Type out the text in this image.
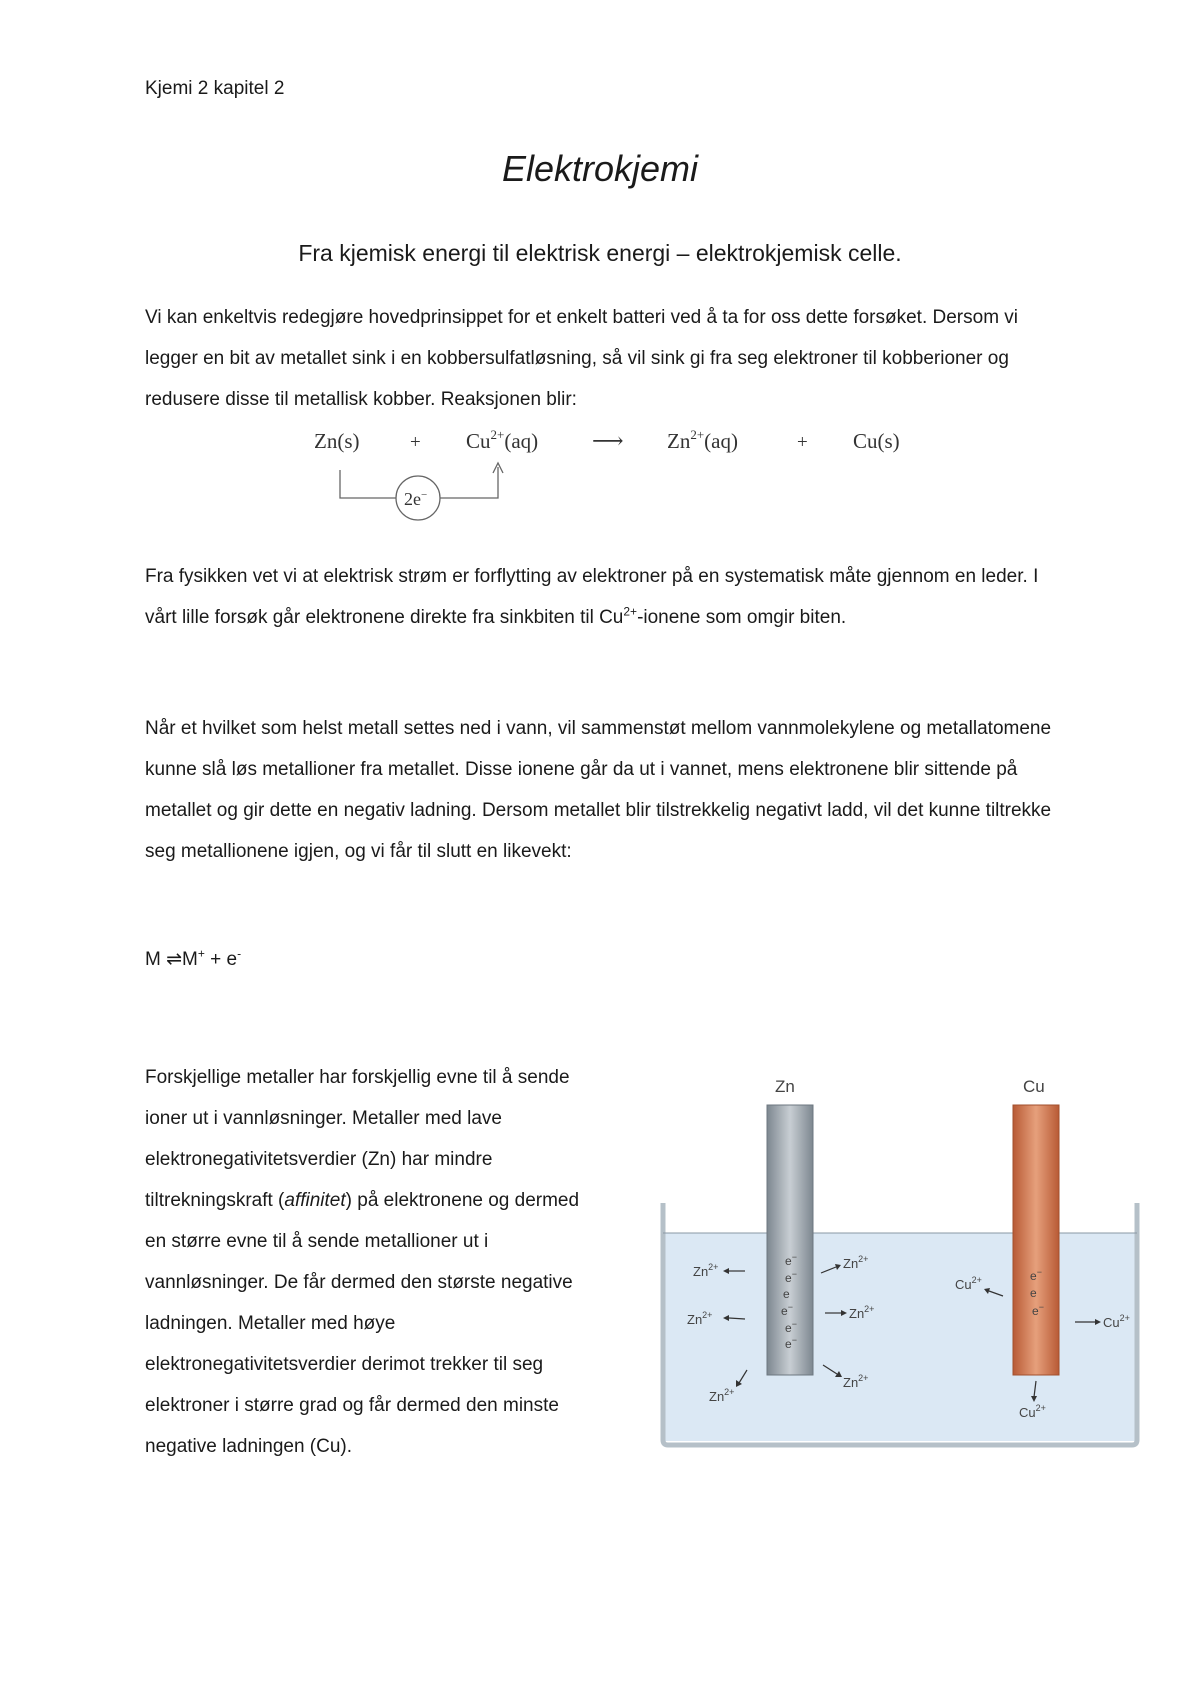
Kjemi 2 kapitel 2
Elektrokjemi
Fra kjemisk energi til elektrisk energi – elektrokjemisk celle.
Vi kan enkeltvis redegjøre hovedprinsippet for et enkelt batteri ved å ta for oss dette forsøket. Dersom vi legger en bit av metallet sink i en kobbersulfatløsning, så vil sink gi fra seg elektroner til kobberioner og redusere disse til metallisk kobber. Reaksjonen blir:
Zn(s)	+ $Cu^{2+}(aq)$ ⟶ $Zn^{2+}(aq)$	+ Cu(s)
2e−
Fra fysikken vet vi at elektrisk strøm er forflytting av elektroner på en systematisk måte gjennom en leder. I vårt lille forsøk går elektronene direkte fra sinkbiten til $Cu^{2+}$-ionene som omgir biten.
Når et hvilket som helst metall settes ned i vann, vil sammenstøt mellom vannmolekylene og metallatomene kunne slå løs metallioner fra metallet. Disse ionene går da ut i vannet, mens elektronene blir sittende på metallet og gir dette en negativ ladning. Dersom metallet blir tilstrekkelig negativt ladd, vil det kunne tiltrekke seg metallionene igjen, og vi får til slutt en likevekt:
M ⇌M+ + e-
Forskjellige metaller har forskjellig evne til å sende ioner ut i vannløsninger. Metaller med lave elektronegativitetsverdier (Zn) har mindre tiltrekningskraft (affinitet) på elektronene og dermed en større evne til å sende metallioner ut i vannløsninger. De får dermed den største negative ladningen. Metaller med høye elektronegativitetsverdier derimot trekker til seg elektroner i større grad og får dermed den minste negative ladningen (Cu).
Zn	Cu
e−
e−
e
e−
e−
e−
e−
e
e−
$Zn^{2+}$
$Zn^{2+}$
$Zn^{2+}$
$Zn^{2+}$
$Zn^{2+}$
$Zn^{2+}$
$Cu^{2+}$
$Cu^{2+}$
$Cu^{2+}$
